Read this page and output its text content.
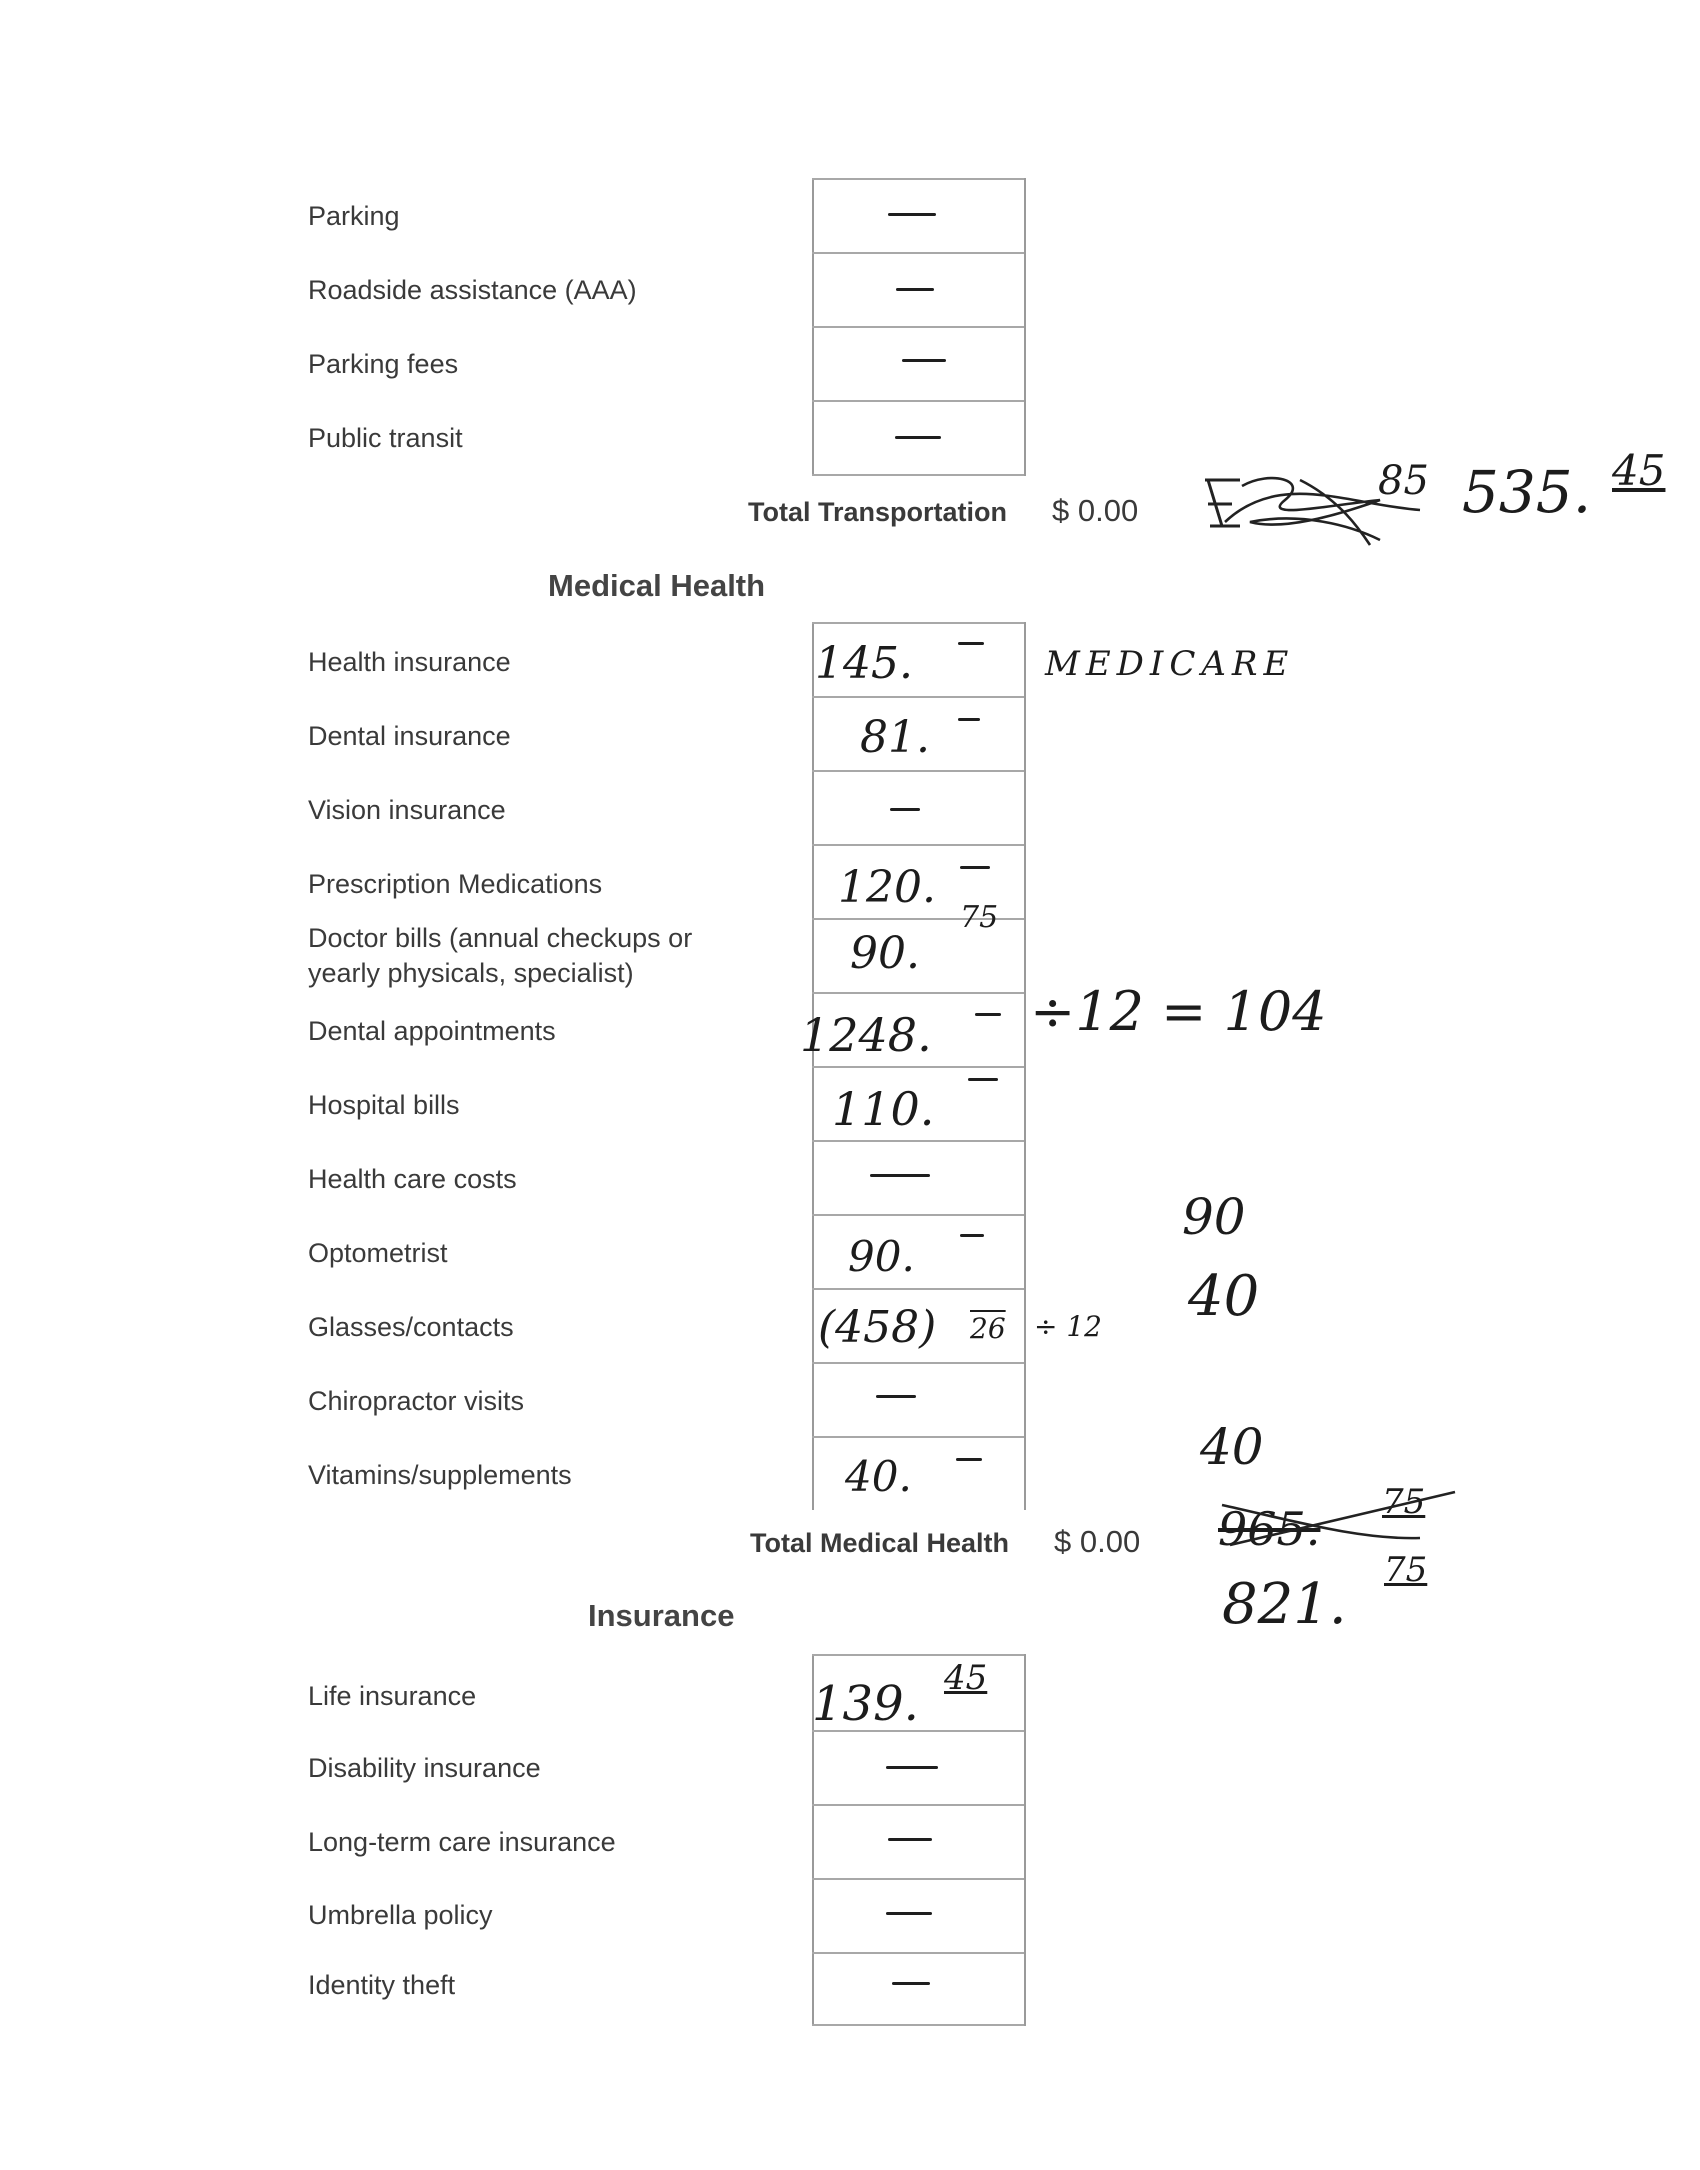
Parking
Roadside assistance (AAA)
Parking fees
Public transit
Total Transportation $ 0.00
85 535. 45
Medical Health
Health insurance
Dental insurance
Vision insurance
Prescription Medications
Doctor bills (annual checkups or
yearly physicals, specialist)
Dental appointments
Hospital bills
Health care costs
Optometrist
Glasses/contacts
Chiropractor visits
Vitamins/supplements
145.	MEDICARE
81.
120.
90.
75
1248. ÷12 = 104
110.
90.
90
(458) 26 ÷ 12 40
40.
40
Total Medical Health $ 0.00 965. 75
821.
75
Insurance
Life insurance
Disability insurance
Long-term care insurance
Umbrella policy
Identity theft
139. 45
